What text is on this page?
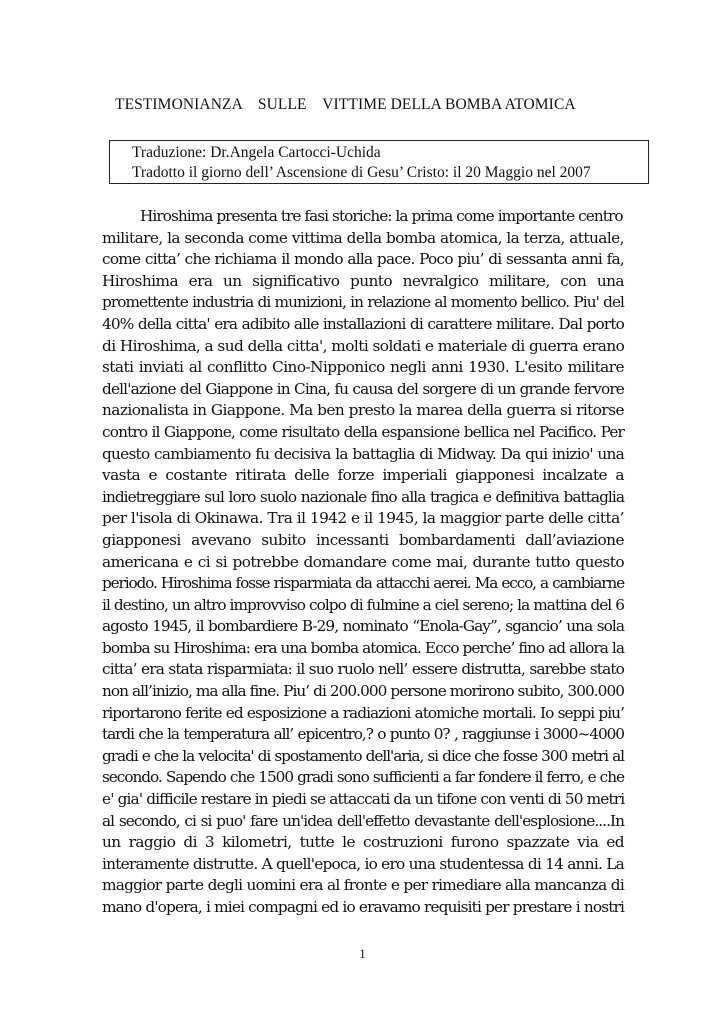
TESTIMONIANZA    SULLE    VITTIME DELLA BOMBA ATOMICA
Traduzione: Dr.Angela Cartocci-Uchida
Tradotto il giorno dell’ Ascensione di Gesu’ Cristo: il 20 Maggio nel 2007
Hiroshima presenta tre fasi storiche: la prima come importante centro
militare, la seconda come vittima della bomba atomica, la terza, attuale,
come citta’ che richiama il mondo alla pace. Poco piu’ di sessanta anni fa,
Hiroshima era un significativo punto nevralgico militare, con una
promettente industria di munizioni, in relazione al momento bellico. Piu' del
40% della citta' era adibito alle installazioni di carattere militare. Dal porto
di Hiroshima, a sud della citta', molti soldati e materiale di guerra erano
stati inviati al conflitto Cino-Nipponico negli anni 1930. L'esito militare
dell'azione del Giappone in Cina, fu causa del sorgere di un grande fervore
nazionalista in Giappone. Ma ben presto la marea della guerra si ritorse
contro il Giappone, come risultato della espansione bellica nel Pacifico. Per
questo cambiamento fu decisiva la battaglia di Midway. Da qui inizio' una
vasta e costante ritirata delle forze imperiali giapponesi incalzate a
indietreggiare sul loro suolo nazionale fino alla tragica e definitiva battaglia
per l'isola di Okinawa. Tra il 1942 e il 1945, la maggior parte delle citta’
giapponesi avevano subito incessanti bombardamenti dall’aviazione
americana e ci si potrebbe domandare come mai, durante tutto questo
periodo. Hiroshima fosse risparmiata da attacchi aerei. Ma ecco, a cambiarne
il destino, un altro improvviso colpo di fulmine a ciel sereno; la mattina del 6
agosto 1945, il bombardiere B-29, nominato “Enola-Gay”, sgancio’ una sola
bomba su Hiroshima: era una bomba atomica. Ecco perche’ fino ad allora la
citta’ era stata risparmiata: il suo ruolo nell’ essere distrutta, sarebbe stato
non all’inizio, ma alla fine. Piu’ di 200.000 persone morirono subito, 300.000
riportarono ferite ed esposizione a radiazioni atomiche mortali. Io seppi piu’
tardi che la temperatura all’ epicentro,? o punto 0? , raggiunse i 3000~4000
gradi e che la velocita' di spostamento dell'aria, si dice che fosse 300 metri al
secondo. Sapendo che 1500 gradi sono sufficienti a far fondere il ferro, e che
e' gia' difficile restare in piedi se attaccati da un tifone con venti di 50 metri
al secondo, ci si puo' fare un'idea dell'effetto devastante dell'esplosione....In
un raggio di 3 kilometri, tutte le costruzioni furono spazzate via ed
interamente distrutte. A quell'epoca, io ero una studentessa di 14 anni. La
maggior parte degli uomini era al fronte e per rimediare alla mancanza di
mano d'opera, i miei compagni ed io eravamo requisiti per prestare i nostri
1
